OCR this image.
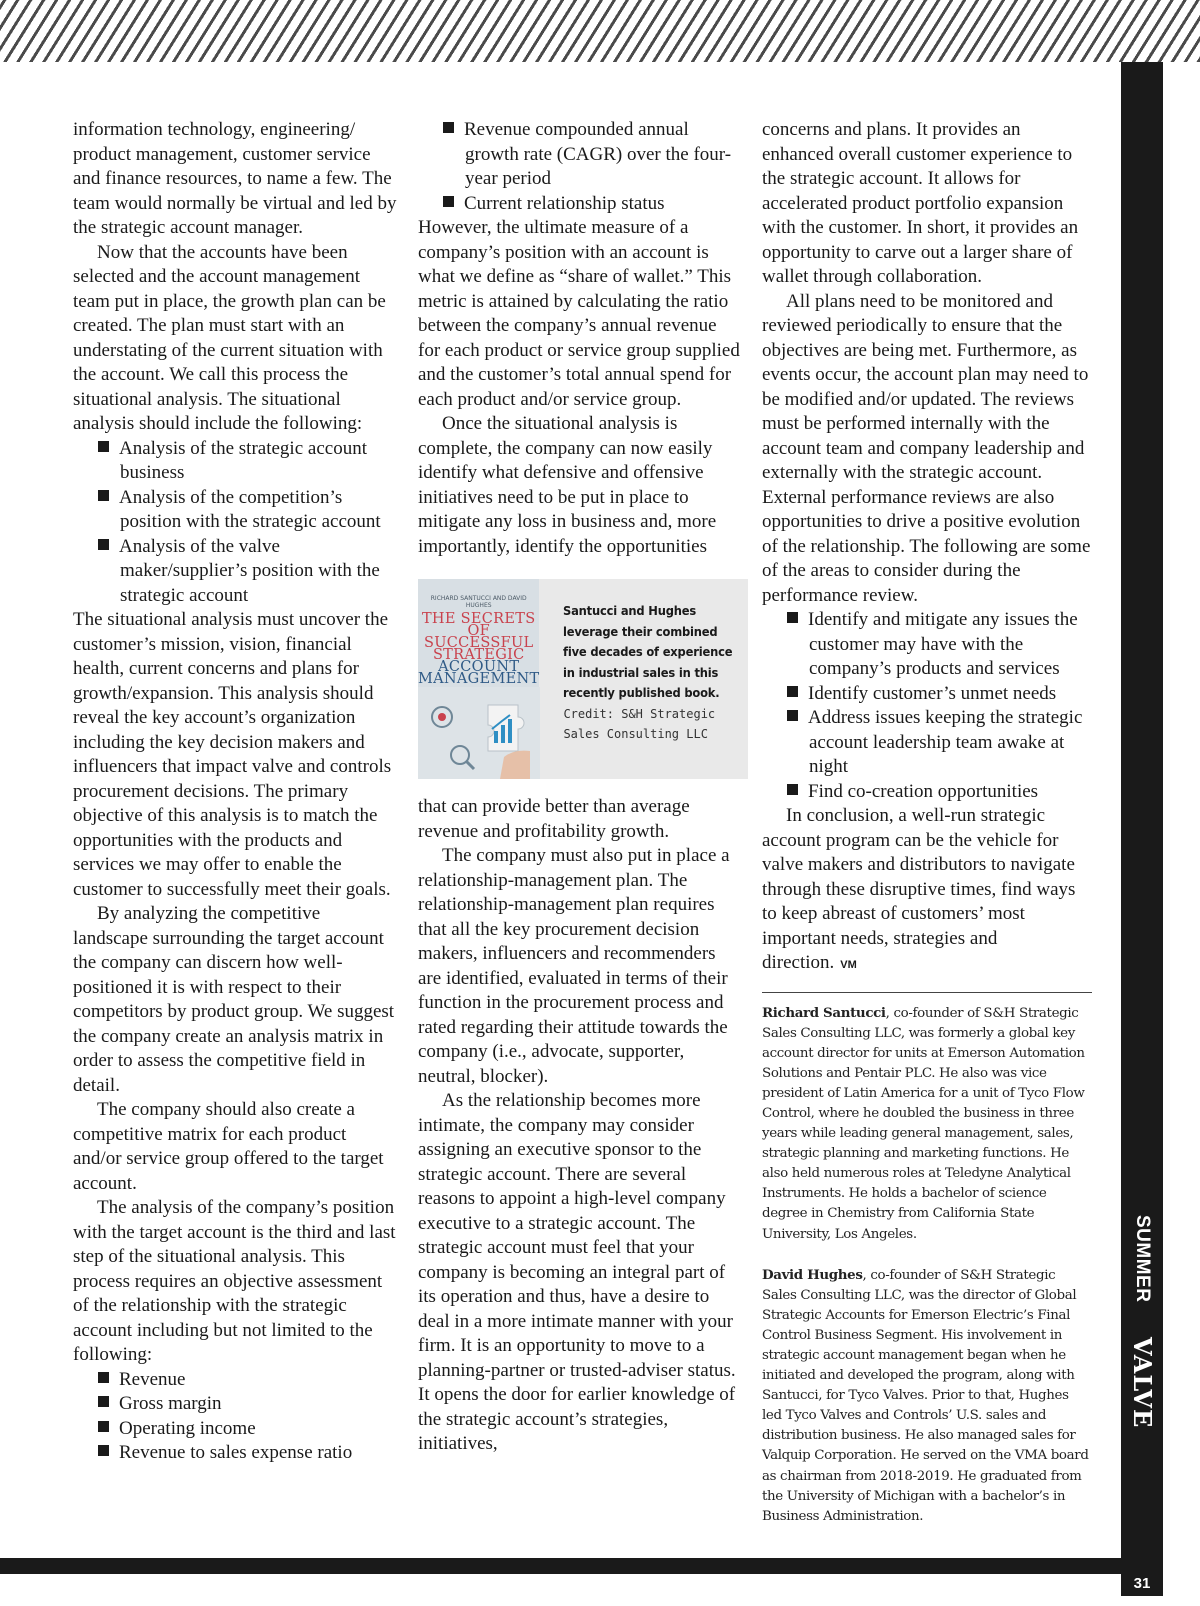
SUMMER 2022
VALVE MAGAZINE
31

information technology, engineering/ product management, customer service and finance resources, to name a few. The team would normally be virtual and led by the strategic account manager.

Now that the accounts have been selected and the account management team put in place, the growth plan can be created. The plan must start with an understating of the current situation with the account. We call this process the situational analysis. The situational analysis should include the following:

Analysis of the strategic account business
Analysis of the competition’s position with the strategic account
Analysis of the valve maker/supplier’s position with the strategic account

The situational analysis must uncover the customer’s mission, vision, financial health, current concerns and plans for growth/expansion. This analysis should reveal the key account’s organization including the key decision makers and influencers that impact valve and controls procurement decisions. The primary objective of this analysis is to match the opportunities with the products and services we may offer to enable the customer to successfully meet their goals.

By analyzing the competitive landscape surrounding the target account the company can discern how well-positioned it is with respect to their competitors by product group. We suggest the company create an analysis matrix in order to assess the competitive field in detail.

The company should also create a competitive matrix for each product and/or service group offered to the target account.

The analysis of the company’s position with the target account is the third and last step of the situational analysis. This process requires an objective assessment of the relationship with the strategic account including but not limited to the following:

Revenue
Gross margin
Operating income
Revenue to sales expense ratio
Revenue compounded annual growth rate (CAGR) over the four-year period
Current relationship status

However, the ultimate measure of a company’s position with an account is what we define as “share of wallet.” This metric is attained by calculating the ratio between the company’s annual revenue for each product or service group supplied and the customer’s total annual spend for each product and/or service group.

Once the situational analysis is complete, the company can now easily identify what defensive and offensive initiatives need to be put in place to mitigate any loss in business and, more importantly, identify the opportunities

RICHARD SANTUCCI AND DAVID HUGHES
THE SECRETS OF SUCCESSFUL STRATEGIC
ACCOUNT MANAGEMENT
Santucci and Hughes leverage their combined five decades of experience in industrial sales in this recently published book.
Credit: S&H Strategic Sales Consulting LLC

that can provide better than average revenue and profitability growth.

The company must also put in place a relationship-management plan. The relationship-management plan requires that all the key procurement decision makers, influencers and recommenders are identified, evaluated in terms of their function in the procurement process and rated regarding their attitude towards the company (i.e., advocate, supporter, neutral, blocker).

As the relationship becomes more intimate, the company may consider assigning an executive sponsor to the strategic account. There are several reasons to appoint a high-level company executive to a strategic account. The strategic account must feel that your company is becoming an integral part of its operation and thus, have a desire to deal in a more intimate manner with your firm. It is an opportunity to move to a planning-partner or trusted-adviser status. It opens the door for earlier knowledge of the strategic account’s strategies, initiatives,

concerns and plans. It provides an enhanced overall customer experience to the strategic account. It allows for accelerated product portfolio expansion with the customer. In short, it provides an opportunity to carve out a larger share of wallet through collaboration.

All plans need to be monitored and reviewed periodically to ensure that the objectives are being met. Furthermore, as events occur, the account plan may need to be modified and/or updated. The reviews must be performed internally with the account team and company leadership and externally with the strategic account. External performance reviews are also opportunities to drive a positive evolution of the relationship. The following are some of the areas to consider during the performance review.

Identify and mitigate any issues the customer may have with the company’s products and services
Identify customer’s unmet needs
Address issues keeping the strategic account leadership team awake at night
Find co-creation opportunities

In conclusion, a well-run strategic account program can be the vehicle for valve makers and distributors to navigate through these disruptive times, find ways to keep abreast of customers’ most important needs, strategies and direction. VM

Richard Santucci, co-founder of S&H Strategic Sales Consulting LLC, was formerly a global key account director for units at Emerson Automation Solutions and Pentair PLC. He also was vice president of Latin America for a unit of Tyco Flow Control, where he doubled the business in three years while leading general management, sales, strategic planning and marketing functions. He also held numerous roles at Teledyne Analytical Instruments. He holds a bachelor of science degree in Chemistry from California State University, Los Angeles.

David Hughes, co-founder of S&H Strategic Sales Consulting LLC, was the director of Global Strategic Accounts for Emerson Electric’s Final Control Business Segment. His involvement in strategic account management began when he initiated and developed the program, along with Santucci, for Tyco Valves. Prior to that, Hughes led Tyco Valves and Controls’ U.S. sales and distribution business. He also managed sales for Valquip Corporation. He served on the VMA board as chairman from 2018-2019. He graduated from the University of Michigan with a bachelor’s in Business Administration.
